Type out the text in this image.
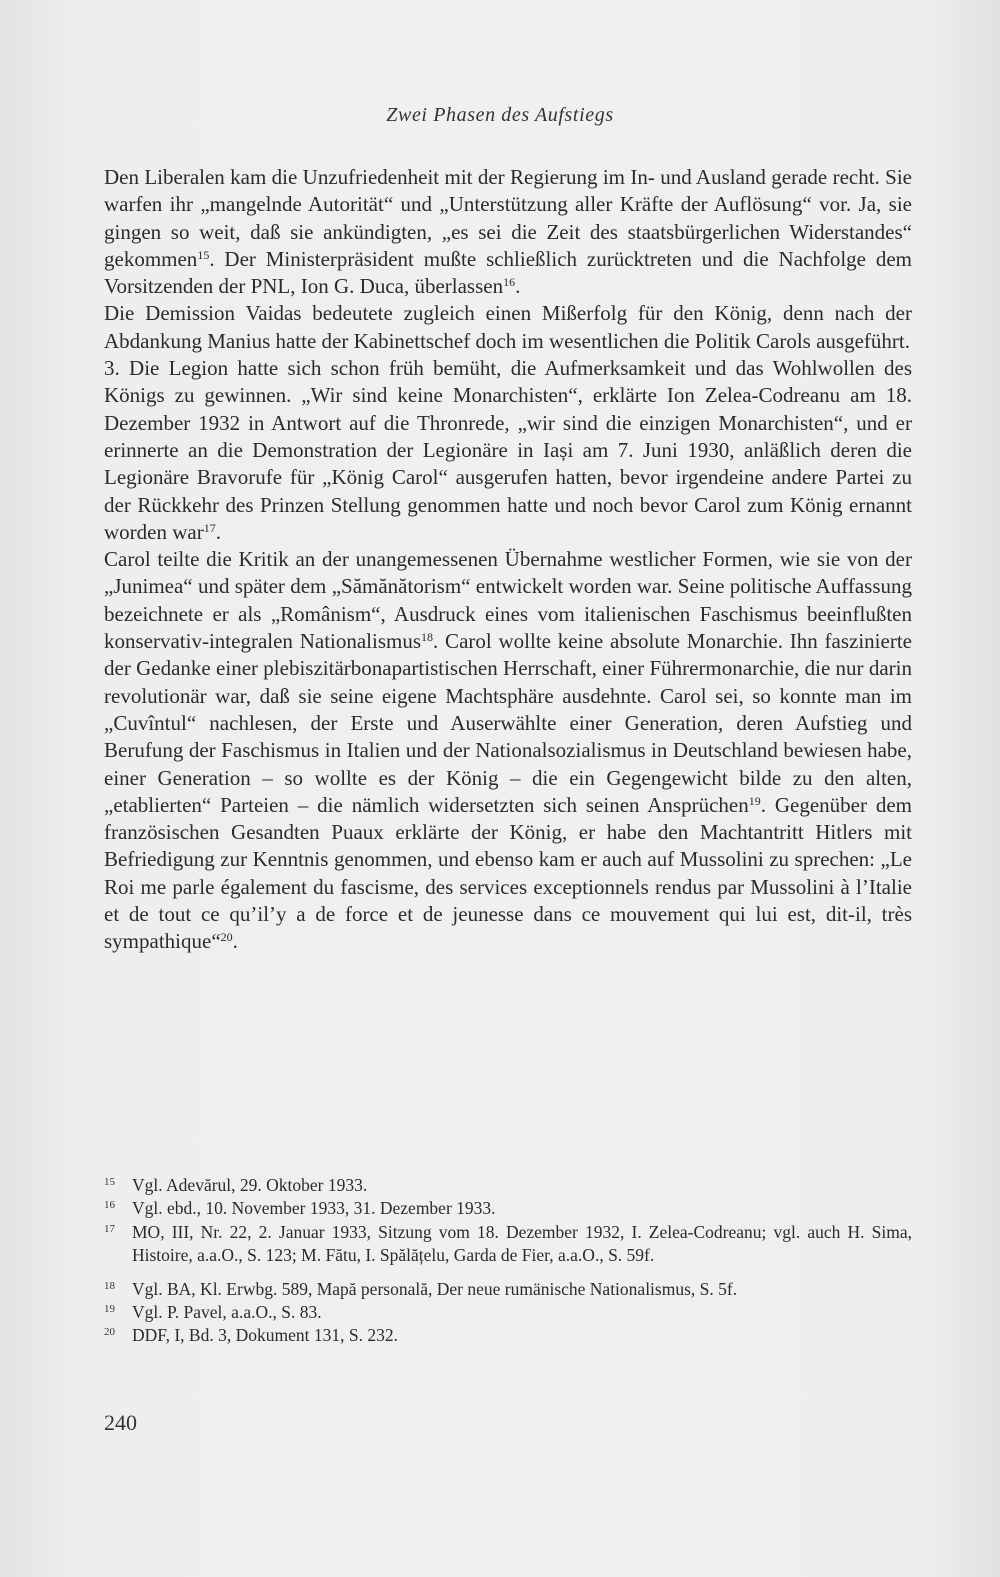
Zwei Phasen des Aufstiegs

Den Liberalen kam die Unzufriedenheit mit der Regierung im In- und Ausland gerade recht. Sie warfen ihr „mangelnde Autorität“ und „Unterstützung aller Kräfte der Auflösung“ vor. Ja, sie gingen so weit, daß sie ankündigten, „es sei die Zeit des staatsbürgerlichen Widerstandes“ gekommen$^{15}$. Der Ministerpräsident mußte schließlich zurücktreten und die Nachfolge dem Vorsitzenden der PNL, Ion G. Duca, überlassen$^{16}$.

Die Demission Vaidas bedeutete zugleich einen Mißerfolg für den König, denn nach der Abdankung Manius hatte der Kabinettschef doch im wesentlichen die Politik Carols ausgeführt.

3. Die Legion hatte sich schon früh bemüht, die Aufmerksamkeit und das Wohlwollen des Königs zu gewinnen. „Wir sind keine Monarchisten“, erklärte Ion Zelea-Codreanu am 18. Dezember 1932 in Antwort auf die Thronrede, „wir sind die einzigen Monarchisten“, und er erinnerte an die Demonstration der Legionäre in Iași am 7. Juni 1930, anläßlich deren die Legionäre Bravorufe für „König Carol“ ausgerufen hatten, bevor irgendeine andere Partei zu der Rückkehr des Prinzen Stellung genommen hatte und noch bevor Carol zum König ernannt worden war$^{17}$.

Carol teilte die Kritik an der unangemessenen Übernahme westlicher Formen, wie sie von der „Junimea“ und später dem „Sămănătorism“ entwickelt worden war. Seine politische Auffassung bezeichnete er als „Românism“, Ausdruck eines vom italienischen Faschismus beeinflußten konservativ-integralen Nationalismus$^{18}$. Carol wollte keine absolute Monarchie. Ihn faszinierte der Gedanke einer plebiszitärbonapartistischen Herrschaft, einer Führermonarchie, die nur darin revolutionär war, daß sie seine eigene Machtsphäre ausdehnte. Carol sei, so konnte man im „Cuvîntul“ nachlesen, der Erste und Auserwählte einer Generation, deren Aufstieg und Berufung der Faschismus in Italien und der Nationalsozialismus in Deutschland bewiesen habe, einer Generation – so wollte es der König – die ein Gegengewicht bilde zu den alten, „etablierten“ Parteien – die nämlich widersetzten sich seinen Ansprüchen$^{19}$. Gegenüber dem französischen Gesandten Puaux erklärte der König, er habe den Machtantritt Hitlers mit Befriedigung zur Kenntnis genommen, und ebenso kam er auch auf Mussolini zu sprechen: „Le Roi me parle également du fascisme, des services exceptionnels rendus par Mussolini à l’Italie et de tout ce qu’il’y a de force et de jeunesse dans ce mouvement qui lui est, dit-il, très sympathique“$^{20}$.

15 Vgl. Adevărul, 29. Oktober 1933.
16 Vgl. ebd., 10. November 1933, 31. Dezember 1933.
17 MO, III, Nr. 22, 2. Januar 1933, Sitzung vom 18. Dezember 1932, I. Zelea-Codreanu; vgl. auch H. Sima, Histoire, a.a.O., S. 123; M. Fătu, I. Spălățelu, Garda de Fier, a.a.O., S. 59f.
18 Vgl. BA, Kl. Erwbg. 589, Mapă personală, Der neue rumänische Nationalismus, S. 5f.
19 Vgl. P. Pavel, a.a.O., S. 83.
20 DDF, I, Bd. 3, Dokument 131, S. 232.
240
